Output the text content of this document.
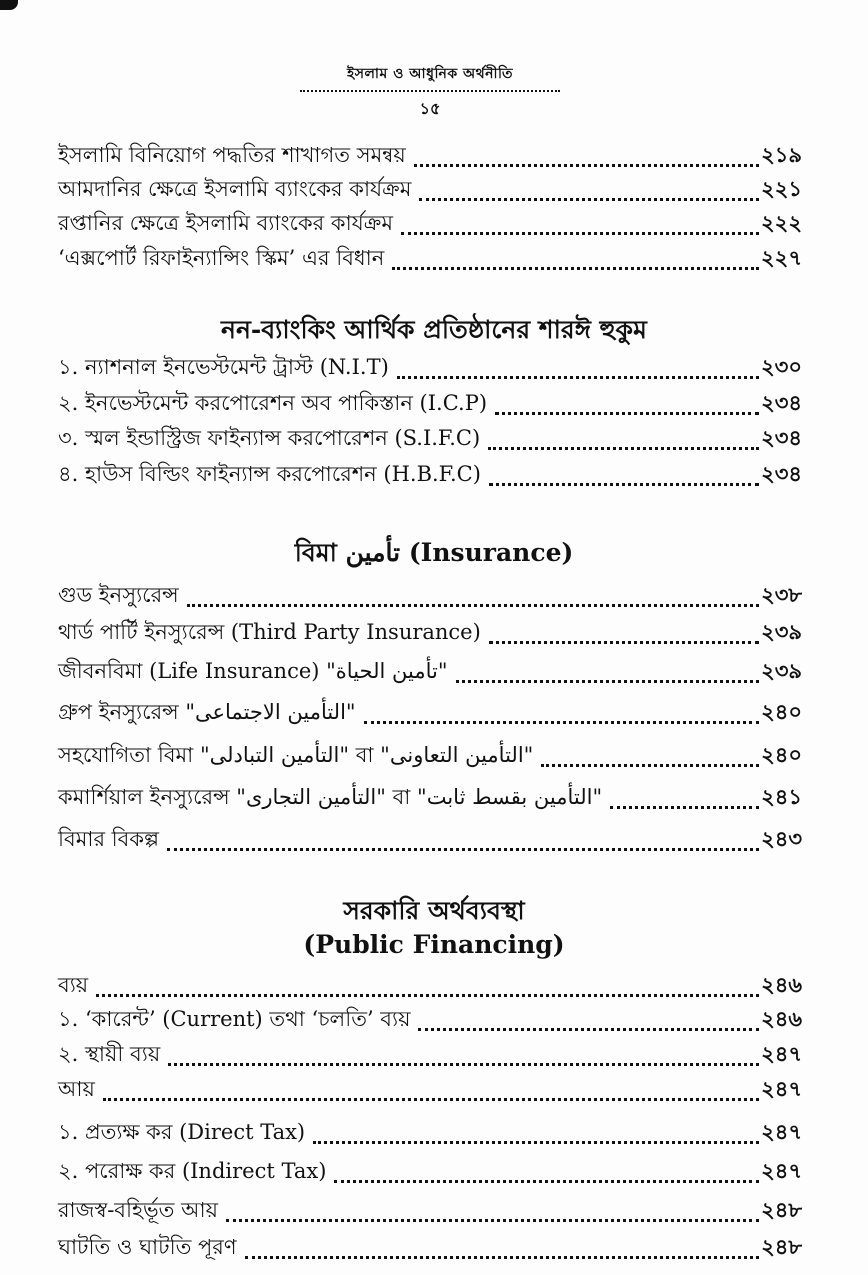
ইসলাম ও আধুনিক অর্থনীতি
১৫
ইসলামি বিনিয়োগ পদ্ধতির শাখাগত সমন্বয়	২১৯
আমদানির ক্ষেত্রে ইসলামি ব্যাংকের কার্যক্রম	২২১
রপ্তানির ক্ষেত্রে ইসলামি ব্যাংকের কার্যক্রম	২২২
‘এক্সপোর্ট রিফাইন্যান্সিং স্কিম’ এর বিধান	২২৭
নন-ব্যাংকিং আর্থিক প্রতিষ্ঠানের শারঈ হুকুম
১. ন্যাশনাল ইনভেস্টমেন্ট ট্রাস্ট (N.I.T)	২৩০
২. ইনভেস্টমেন্ট করপোরেশন অব পাকিস্তান (I.C.P)	২৩৪
৩. স্মল ইন্ডাস্ট্রিজ ফাইন্যান্স করপোরেশন (S.I.F.C)	২৩৪
৪. হাউস বিল্ডিং ফাইন্যান্স করপোরেশন (H.B.F.C)	২৩৪
বিমা تأمین (Insurance)
গুড ইনস্যুরেন্স	২৩৮
থার্ড পার্টি ইনস্যুরেন্স (Third Party Insurance)	২৩৯
জীবনবিমা (Life Insurance) "تأمين الحياة"	২৩৯
গ্রুপ ইনস্যুরেন্স "التأمين الاجتماعى"	২৪০
সহযোগিতা বিমা "التأمين التبادلى" বা "التأمين التعاونى"	২৪০
কমার্শিয়াল ইনস্যুরেন্স "التأمين التجارى" বা "التأمين بقسط ثابت"	২৪১
বিমার বিকল্প	২৪৩
সরকারি অর্থব্যবস্থা
(Public Financing)
ব্যয়	২৪৬
১. ‘কারেন্ট’ (Current) তথা ‘চলতি’ ব্যয়	২৪৬
২. স্থায়ী ব্যয়	২৪৭
আয়	২৪৭
১. প্রত্যক্ষ কর (Direct Tax)	২৪৭
২. পরোক্ষ কর (Indirect Tax)	২৪৭
রাজস্ব-বহির্ভূত আয়	২৪৮
ঘাটতি ও ঘাটতি পূরণ	২৪৮
